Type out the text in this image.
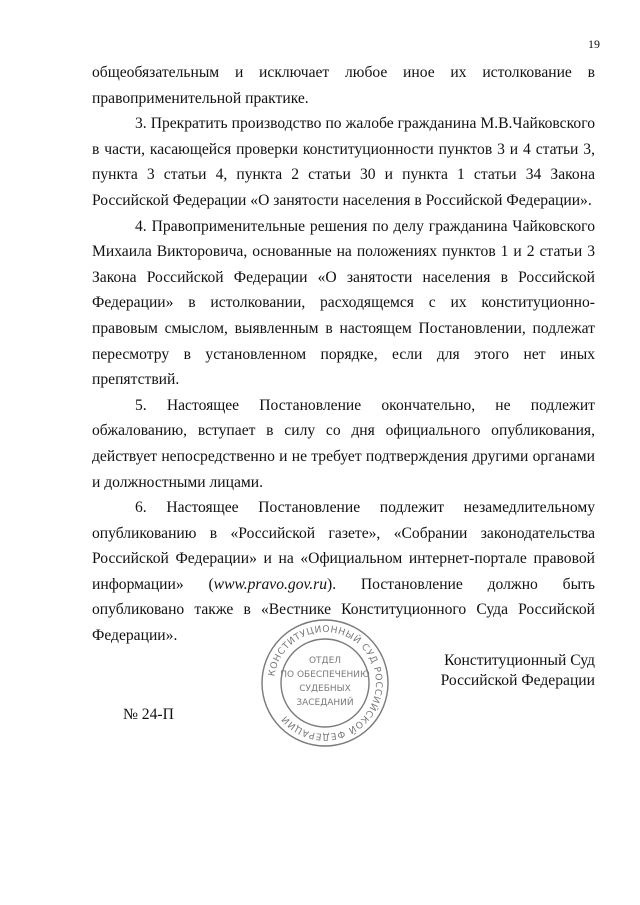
19

общеобязательным и исключает любое иное их истолкование в правоприменительной практике.

3. Прекратить производство по жалобе гражданина М.В.Чайковского в части, касающейся проверки конституционности пунктов 3 и 4 статьи 3, пункта 3 статьи 4, пункта 2 статьи 30 и пункта 1 статьи 34 Закона Российской Федерации «О занятости населения в Российской Федерации».

4. Правоприменительные решения по делу гражданина Чайковского Михаила Викторовича, основанные на положениях пунктов 1 и 2 статьи 3 Закона Российской Федерации «О занятости населения в Российской Федерации» в истолковании, расходящемся с их конституционно-правовым смыслом, выявленным в настоящем Постановлении, подлежат пересмотру в установленном порядке, если для этого нет иных препятствий.

5. Настоящее Постановление окончательно, не подлежит обжалованию, вступает в силу со дня официального опубликования, действует непосредственно и не требует подтверждения другими органами и должностными лицами.

6. Настоящее Постановление подлежит незамедлительному опубликованию в «Российской газете», «Собрании законодательства Российской Федерации» и на «Официальном интернет-портале правовой информации» (www.pravo.gov.ru). Постановление должно быть опубликовано также в «Вестнике Конституционного Суда Российской Федерации».

КОНСТИТУЦИОННЫЙ СУД РОССИЙСКОЙ ФЕДЕРАЦИИ
ОТДЕЛ
ПО ОБЕСПЕЧЕНИЮ
СУДЕБНЫХ
ЗАСЕДАНИЙ
Конституционный Суд
Российской Федерации
№ 24-П
